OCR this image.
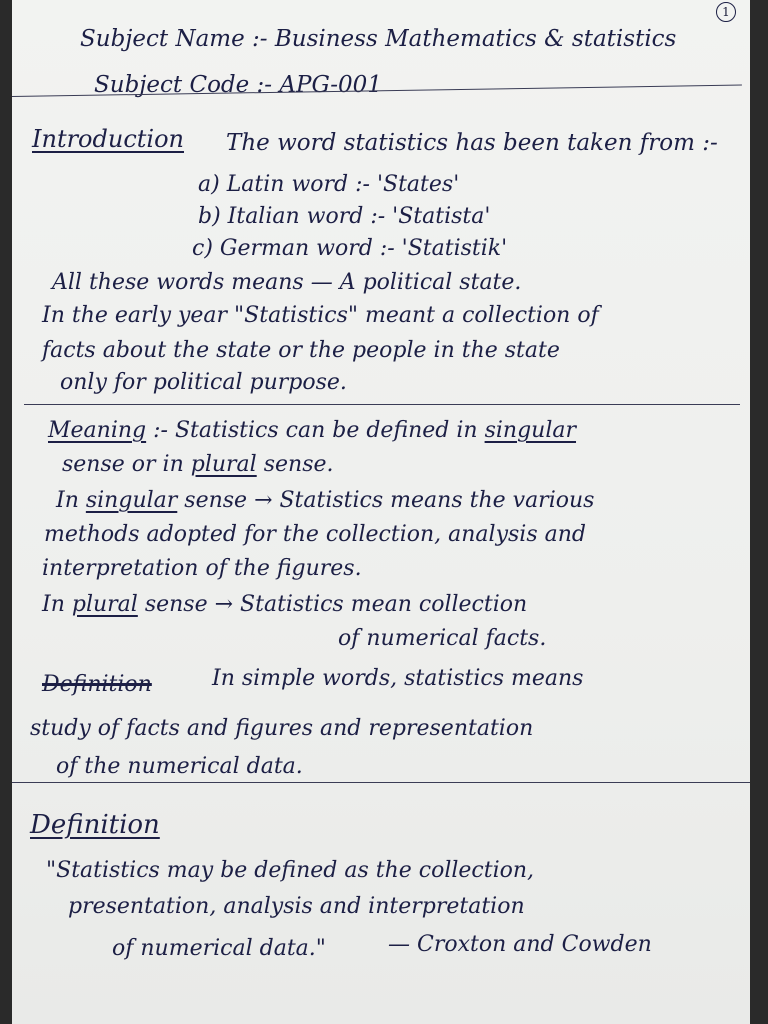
1
Subject Name :- Business Mathematics & statistics
Subject Code :- APG-001
Introduction The word statistics has been taken from :-
a) Latin word :- 'States'
b) Italian word :- 'Statista'
c) German word :- 'Statistik'
All these words means — A political state.
In the early year "Statistics" meant a collection of
facts about the state or the people in the state
only for political purpose.
Meaning :- Statistics can be defined in singular
sense or in plural sense.
In singular sense → Statistics means the various
methods adopted for the collection, analysis and
interpretation of the figures.
In plural sense → Statistics mean collection
of numerical facts.
Definition	In simple words, statistics means
study of facts and figures and representation
of the numerical data.
Definition
"Statistics may be defined as the collection,
presentation, analysis and interpretation
of numerical data."	— Croxton and Cowden
